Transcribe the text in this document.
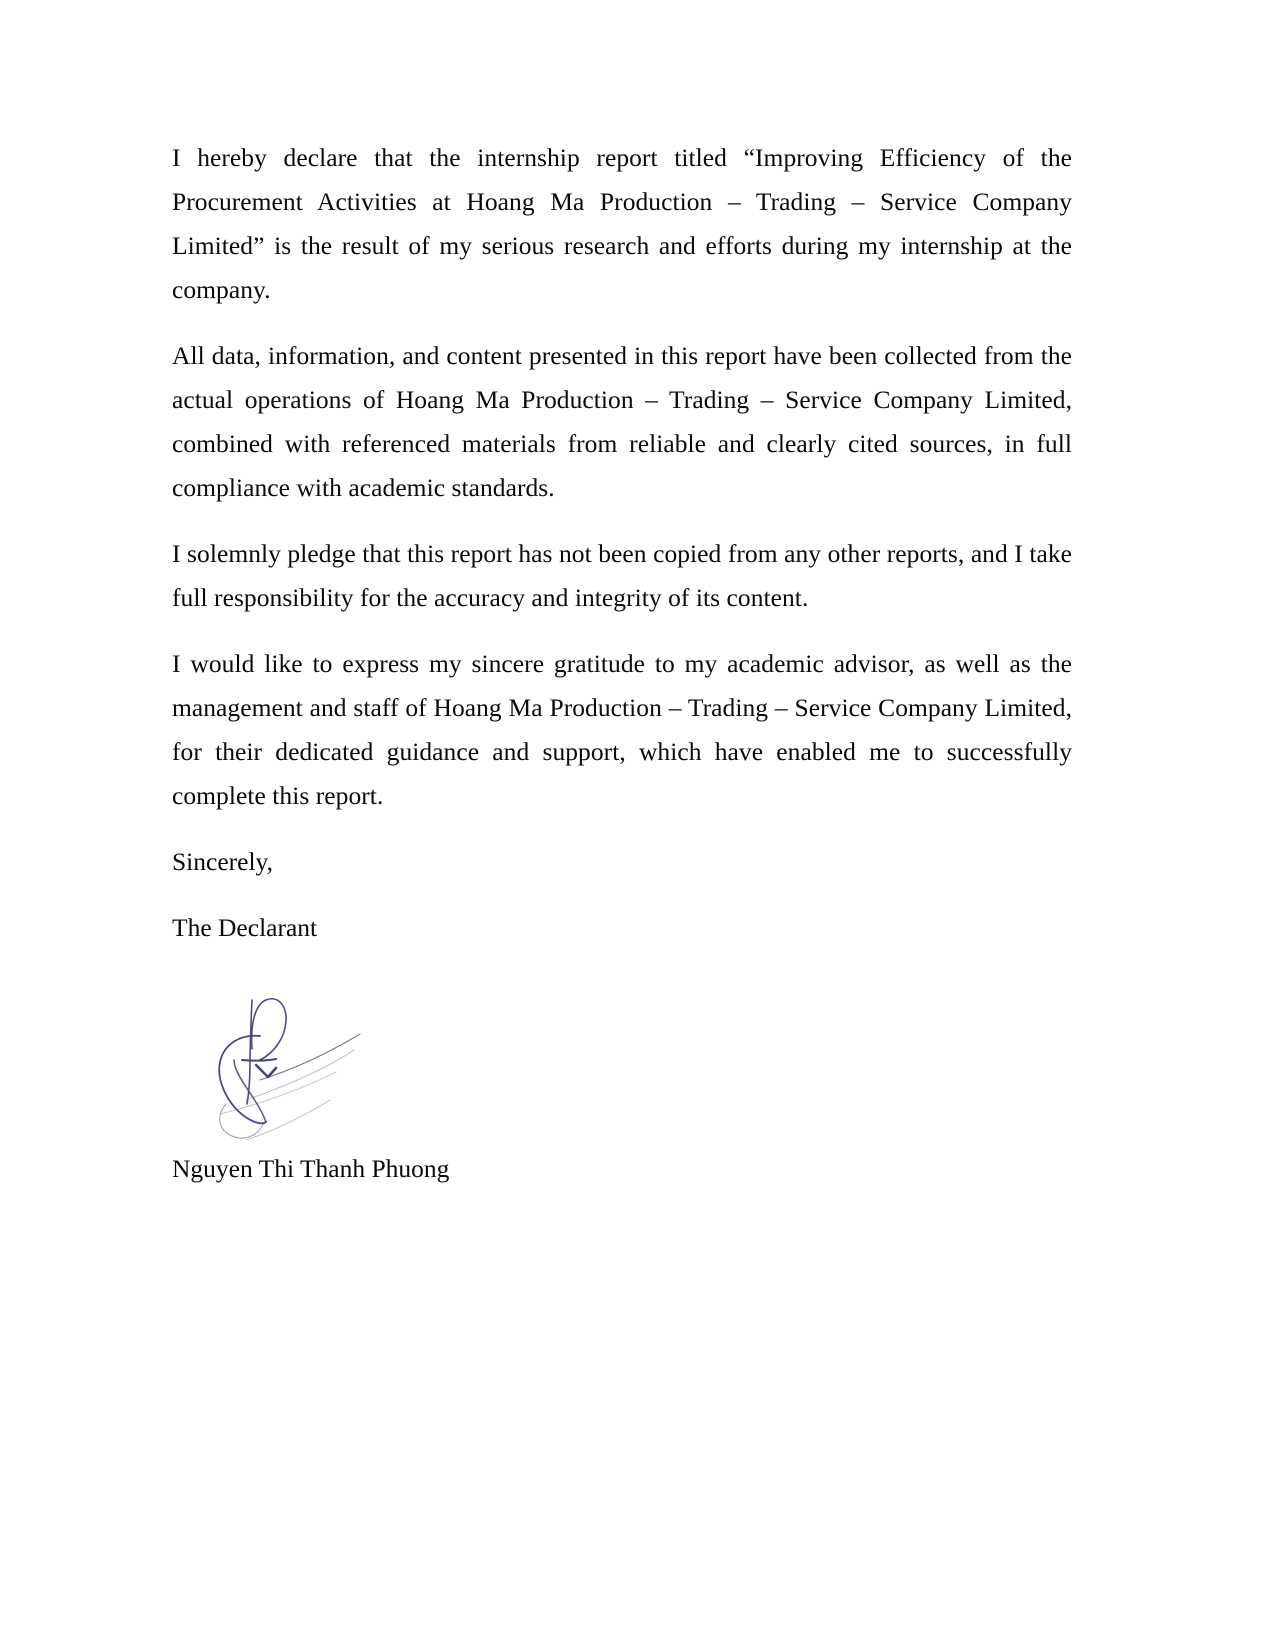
I hereby declare that the internship report titled “Improving Efficiency of the Procurement Activities at Hoang Ma Production – Trading – Service Company Limited” is the result of my serious research and efforts during my internship at the company.

All data, information, and content presented in this report have been collected from the actual operations of Hoang Ma Production – Trading – Service Company Limited, combined with referenced materials from reliable and clearly cited sources, in full compliance with academic standards.

I solemnly pledge that this report has not been copied from any other reports, and I take full responsibility for the accuracy and integrity of its content.

I would like to express my sincere gratitude to my academic advisor, as well as the management and staff of Hoang Ma Production – Trading – Service Company Limited, for their dedicated guidance and support, which have enabled me to successfully complete this report.

Sincerely,

The Declarant

Nguyen Thi Thanh Phuong
